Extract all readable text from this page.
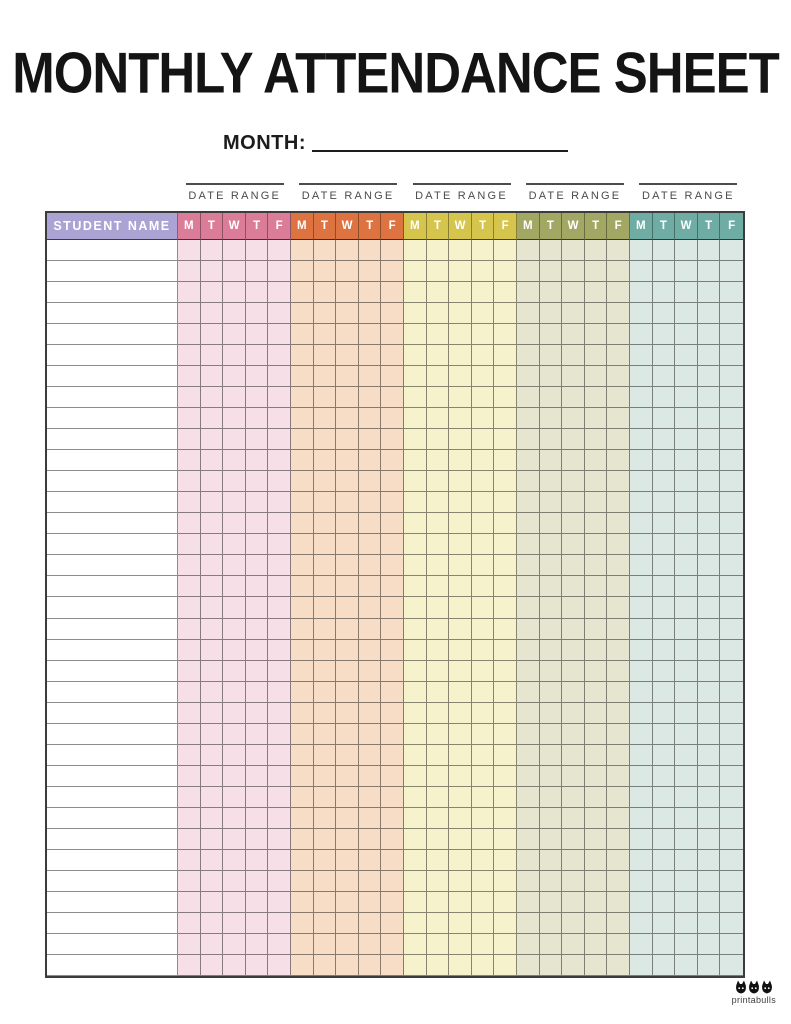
MONTHLY ATTENDANCE SHEET
MONTH:
DATE RANGE DATE RANGE DATE RANGE DATE RANGE DATE RANGE
STUDENT NAME	M	T	W	T	F	M	T	W	T	F	M	T	W	T	F	M	T	W	T	F	M	T	W	T	F
printabulls
